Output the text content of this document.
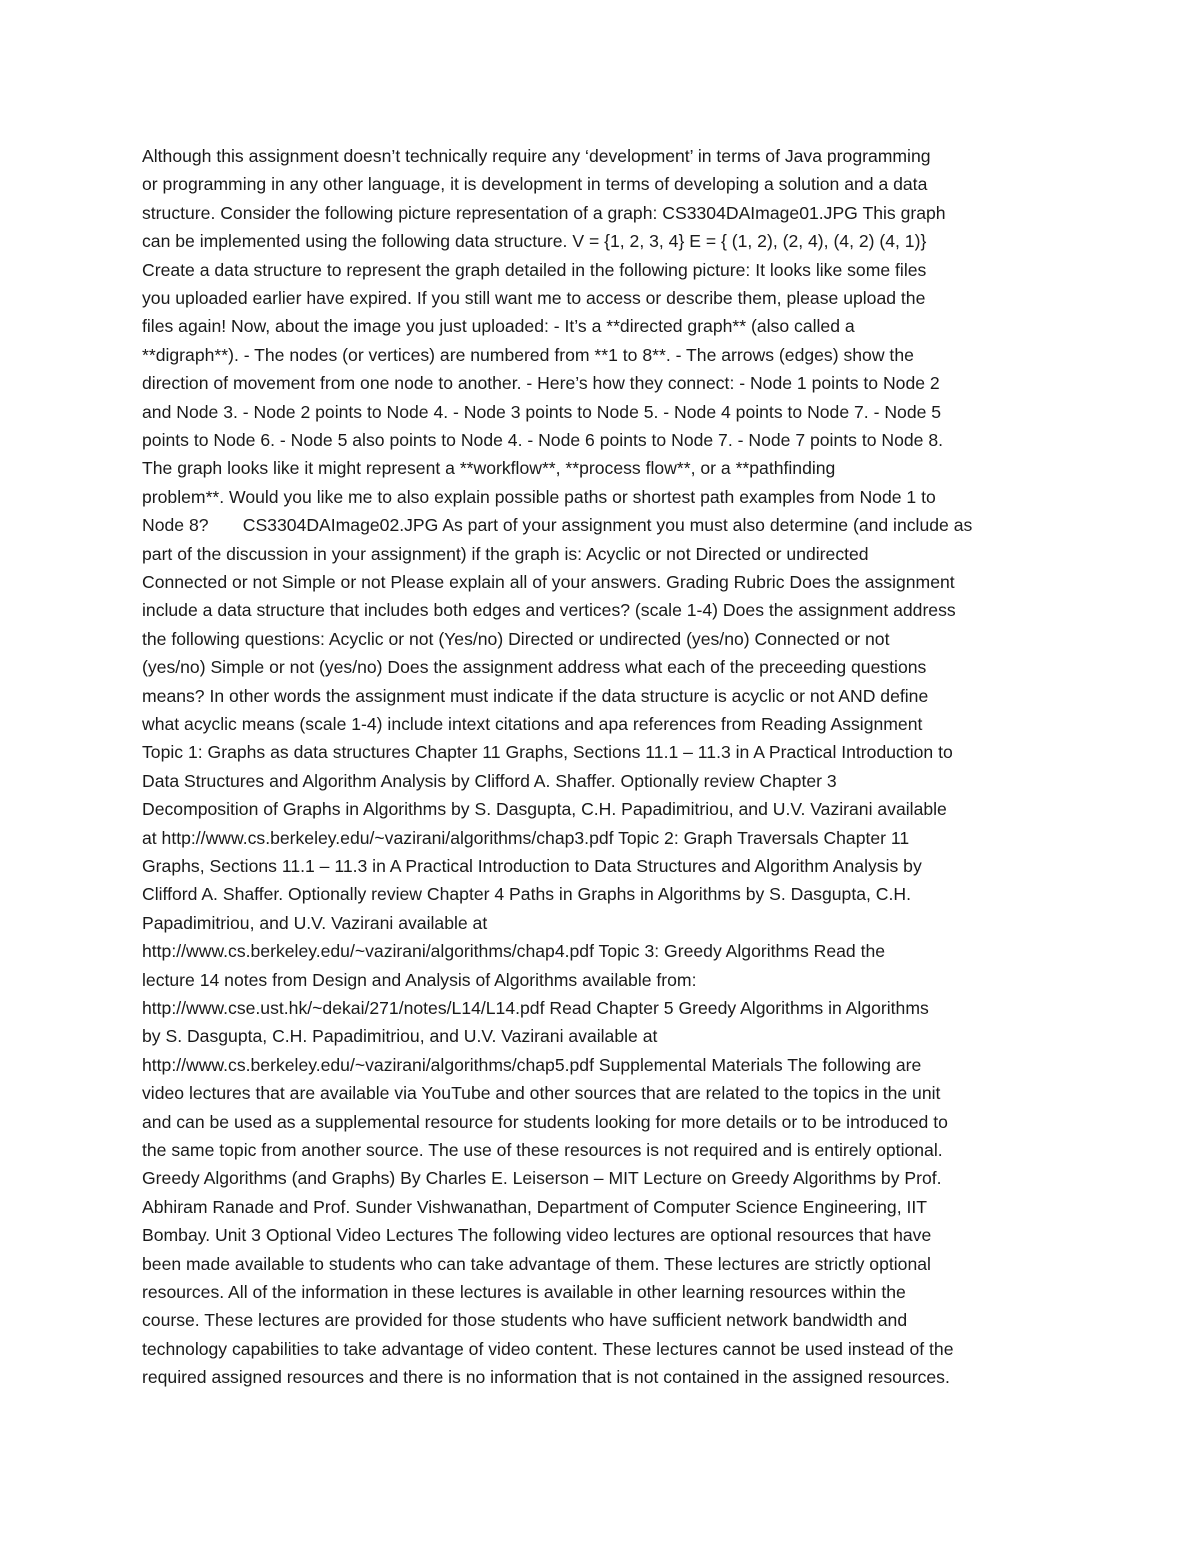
Although this assignment doesn’t technically require any ‘development’ in terms of Java programming
or programming in any other language, it is development in terms of developing a solution and a data
structure. Consider the following picture representation of a graph: CS3304DAImage01.JPG This graph
can be implemented using the following data structure. V = {1, 2, 3, 4} E = { (1, 2), (2, 4), (4, 2) (4, 1)}
Create a data structure to represent the graph detailed in the following picture: It looks like some files
you uploaded earlier have expired. If you still want me to access or describe them, please upload the
files again! Now, about the image you just uploaded: - It’s a **directed graph** (also called a
**digraph**). - The nodes (or vertices) are numbered from **1 to 8**. - The arrows (edges) show the
direction of movement from one node to another. - Here’s how they connect: - Node 1 points to Node 2
and Node 3. - Node 2 points to Node 4. - Node 3 points to Node 5. - Node 4 points to Node 7. - Node 5
points to Node 6. - Node 5 also points to Node 4. - Node 6 points to Node 7. - Node 7 points to Node 8.
The graph looks like it might represent a **workflow**, **process flow**, or a **pathfinding
problem**. Would you like me to also explain possible paths or shortest path examples from Node 1 to
Node 8?       CS3304DAImage02.JPG As part of your assignment you must also determine (and include as
part of the discussion in your assignment) if the graph is: Acyclic or not Directed or undirected
Connected or not Simple or not Please explain all of your answers. Grading Rubric Does the assignment
include a data structure that includes both edges and vertices? (scale 1-4) Does the assignment address
the following questions: Acyclic or not (Yes/no) Directed or undirected (yes/no) Connected or not
(yes/no) Simple or not (yes/no) Does the assignment address what each of the preceeding questions
means? In other words the assignment must indicate if the data structure is acyclic or not AND define
what acyclic means (scale 1-4) include intext citations and apa references from Reading Assignment
Topic 1: Graphs as data structures Chapter 11 Graphs, Sections 11.1 – 11.3 in A Practical Introduction to
Data Structures and Algorithm Analysis by Clifford A. Shaffer. Optionally review Chapter 3
Decomposition of Graphs in Algorithms by S. Dasgupta, C.H. Papadimitriou, and U.V. Vazirani available
at http://www.cs.berkeley.edu/~vazirani/algorithms/chap3.pdf Topic 2: Graph Traversals Chapter 11
Graphs, Sections 11.1 – 11.3 in A Practical Introduction to Data Structures and Algorithm Analysis by
Clifford A. Shaffer. Optionally review Chapter 4 Paths in Graphs in Algorithms by S. Dasgupta, C.H.
Papadimitriou, and U.V. Vazirani available at
http://www.cs.berkeley.edu/~vazirani/algorithms/chap4.pdf Topic 3: Greedy Algorithms Read the
lecture 14 notes from Design and Analysis of Algorithms available from:
http://www.cse.ust.hk/~dekai/271/notes/L14/L14.pdf Read Chapter 5 Greedy Algorithms in Algorithms
by S. Dasgupta, C.H. Papadimitriou, and U.V. Vazirani available at
http://www.cs.berkeley.edu/~vazirani/algorithms/chap5.pdf Supplemental Materials The following are
video lectures that are available via YouTube and other sources that are related to the topics in the unit
and can be used as a supplemental resource for students looking for more details or to be introduced to
the same topic from another source. The use of these resources is not required and is entirely optional.
Greedy Algorithms (and Graphs) By Charles E. Leiserson – MIT Lecture on Greedy Algorithms by Prof.
Abhiram Ranade and Prof. Sunder Vishwanathan, Department of Computer Science Engineering, IIT
Bombay. Unit 3 Optional Video Lectures The following video lectures are optional resources that have
been made available to students who can take advantage of them. These lectures are strictly optional
resources. All of the information in these lectures is available in other learning resources within the
course. These lectures are provided for those students who have sufficient network bandwidth and
technology capabilities to take advantage of video content. These lectures cannot be used instead of the
required assigned resources and there is no information that is not contained in the assigned resources.
